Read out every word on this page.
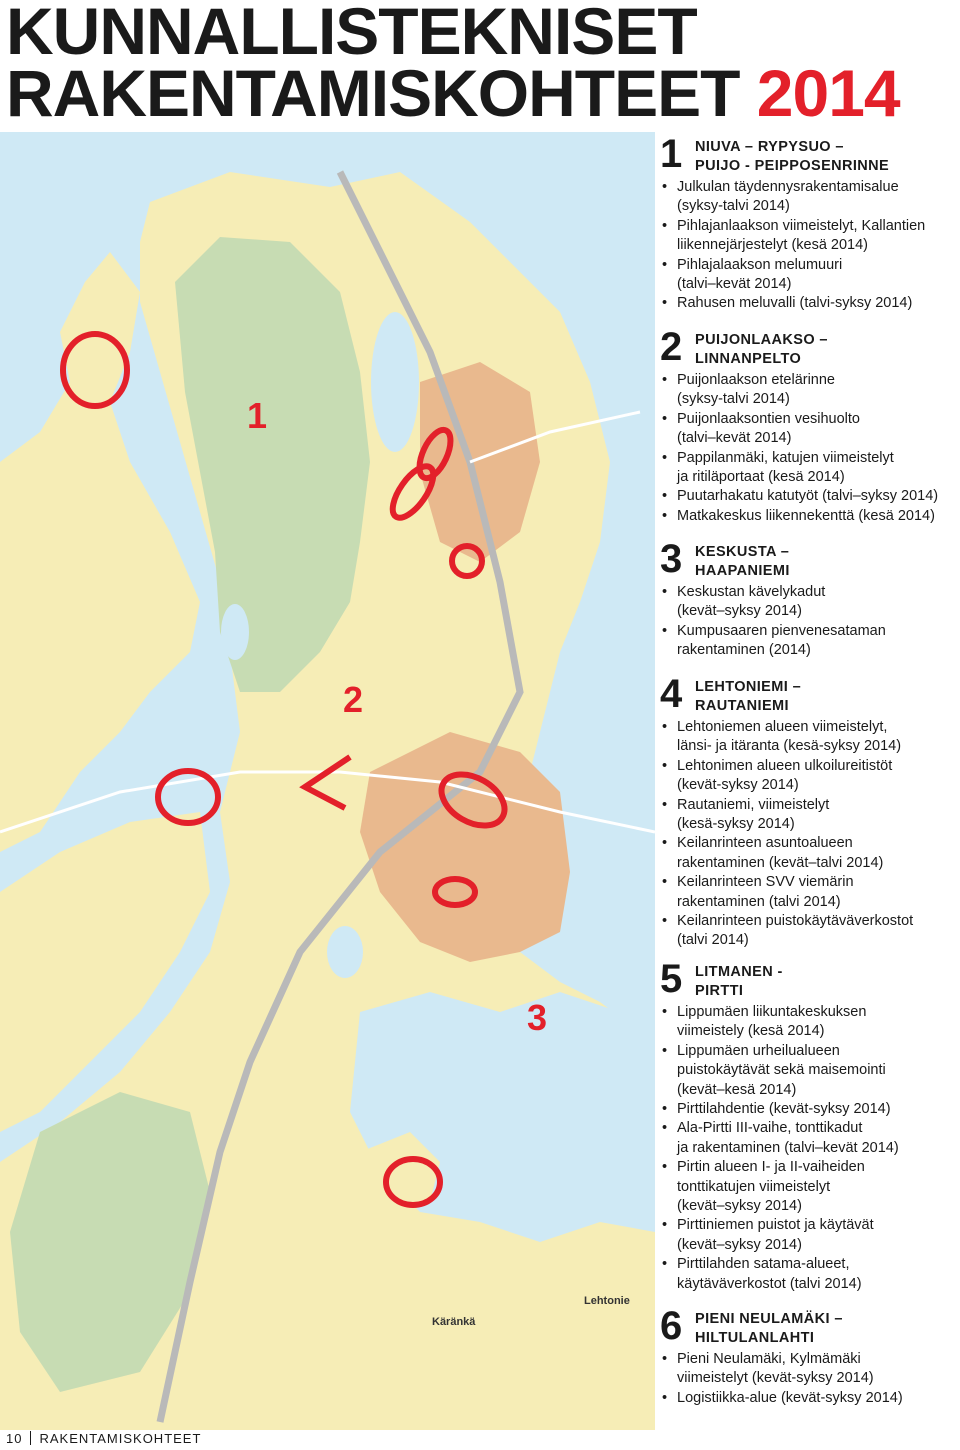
KUNNALLISTEKNISET
RAKENTAMISKOHTEET 2014
1
2
3
Lehtonie
Käränkä
1 NIUVA – RYPYSUO –
PUIJO - PEIPPOSENRINNE
• Julkulan täydennysrakentamisalue
(syksy-talvi 2014)
• Pihlajanlaakson viimeistelyt, Kallantien
liikennejärjestelyt (kesä 2014)
• Pihlajalaakson melumuuri
(talvi–kevät 2014)
• Rahusen meluvalli (talvi-syksy 2014)
2 PUIJONLAAKSO –
LINNANPELTO
• Puijonlaakson etelärinne
(syksy-talvi 2014)
• Puijonlaaksontien vesihuolto
(talvi–kevät 2014)
• Pappilanmäki, katujen viimeistelyt
ja ritiläportaat (kesä 2014)
• Puutarhakatu katutyöt (talvi–syksy 2014)
• Matkakeskus liikennekenttä (kesä 2014)
3 KESKUSTA –
HAAPANIEMI
• Keskustan kävelykadut
(kevät–syksy 2014)
• Kumpusaaren pienvenesataman
rakentaminen (2014)
4 LEHTONIEMI –
RAUTANIEMI
• Lehtoniemen alueen viimeistelyt,
länsi- ja itäranta (kesä-syksy 2014)
• Lehtonimen alueen ulkoilureitistöt
(kevät-syksy 2014)
• Rautaniemi, viimeistelyt
(kesä-syksy 2014)
• Keilanrinteen asuntoalueen
rakentaminen (kevät–talvi 2014)
• Keilanrinteen SVV viemärin
rakentaminen (talvi 2014)
• Keilanrinteen puistokäytäväverkostot
(talvi 2014)
5 LITMANEN -
PIRTTI
• Lippumäen liikuntakeskuksen
viimeistely (kesä 2014)
• Lippumäen urheilualueen
puistokäytävät sekä maisemointi
(kevät–kesä 2014)
• Pirttilahdentie (kevät-syksy 2014)
• Ala-Pirtti III-vaihe, tonttikadut
ja rakentaminen (talvi–kevät 2014)
• Pirtin alueen I- ja II-vaiheiden
tonttikatujen viimeistelyt
(kevät–syksy 2014)
• Pirttiniemen puistot ja käytävät
(kevät–syksy 2014)
• Pirttilahden satama-alueet,
käytäväverkostot (talvi 2014)
6 PIENI NEULAMÄKI –
HILTULANLAHTI
• Pieni Neulamäki, Kylmämäki
viimeistelyt (kevät-syksy 2014)
• Logistiikka-alue (kevät-syksy 2014)
10 RAKENTAMISKOHTEET
